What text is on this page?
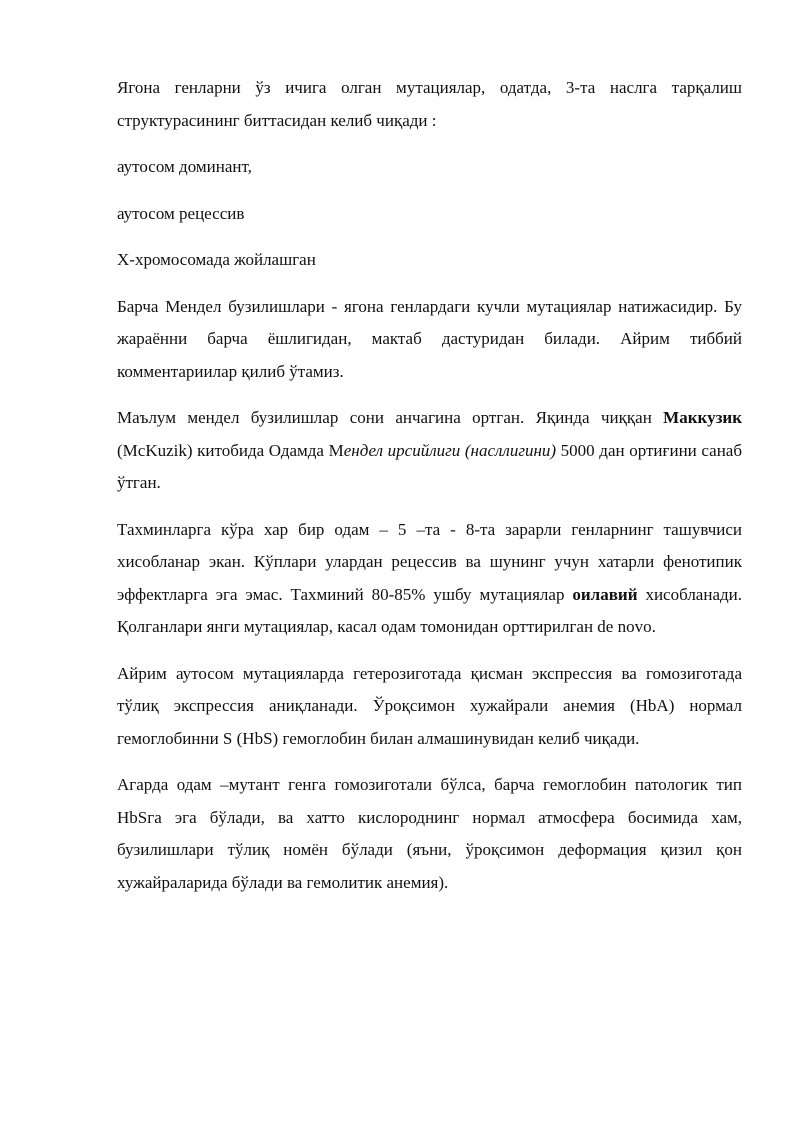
Ягона генларни ўз ичига олган мутациялар, одатда, 3-та наслга тарқалиш структурасининг биттасидан келиб чиқади :

аутосом доминант,

аутосом рецессив

Х-хромосомада жойлашган

Барча Мендел бузилишлари - ягона генлардаги кучли мутациялар натижасидир. Бу жараённи барча ёшлигидан, мактаб дастуридан билади. Айрим тиббий комментариилар қилиб ўтамиз.

Маълум мендел бузилишлар сони анчагина ортган. Яқинда чиққан Маккузик (McKuzik) китобида Одамда Мендел ирсийлиги (насллигини) 5000 дан ортиғини санаб ўтган.

Тахминларга кўра хар бир одам – 5 –та - 8-та зарарли генларнинг ташувчиси хисобланар экан. Кўплари улардан рецессив ва шунинг учун хатарли фенотипик эффектларга эга эмас. Тахминий 80-85% ушбу мутациялар оилавий хисобланади. Қолганлари янги мутациялар, касал одам томонидан орттирилган de novo.

Айрим аутосом мутацияларда гетерозиготада қисман экспрессия ва гомозиготада тўлиқ экспрессия аниқланади. Ўроқсимон хужайрали анемия (HbA) нормал гемоглобинни S (HbS) гемоглобин билан алмашинувидан келиб чиқади.

Агарда одам –мутант генга гомозиготали бўлса, барча гемоглобин патологик тип HbSга эга бўлади, ва хатто кислороднинг нормал атмосфера босимида хам, бузилишлари тўлиқ номён бўлади (яъни, ўроқсимон деформация қизил қон хужайраларида бўлади ва гемолитик анемия).
